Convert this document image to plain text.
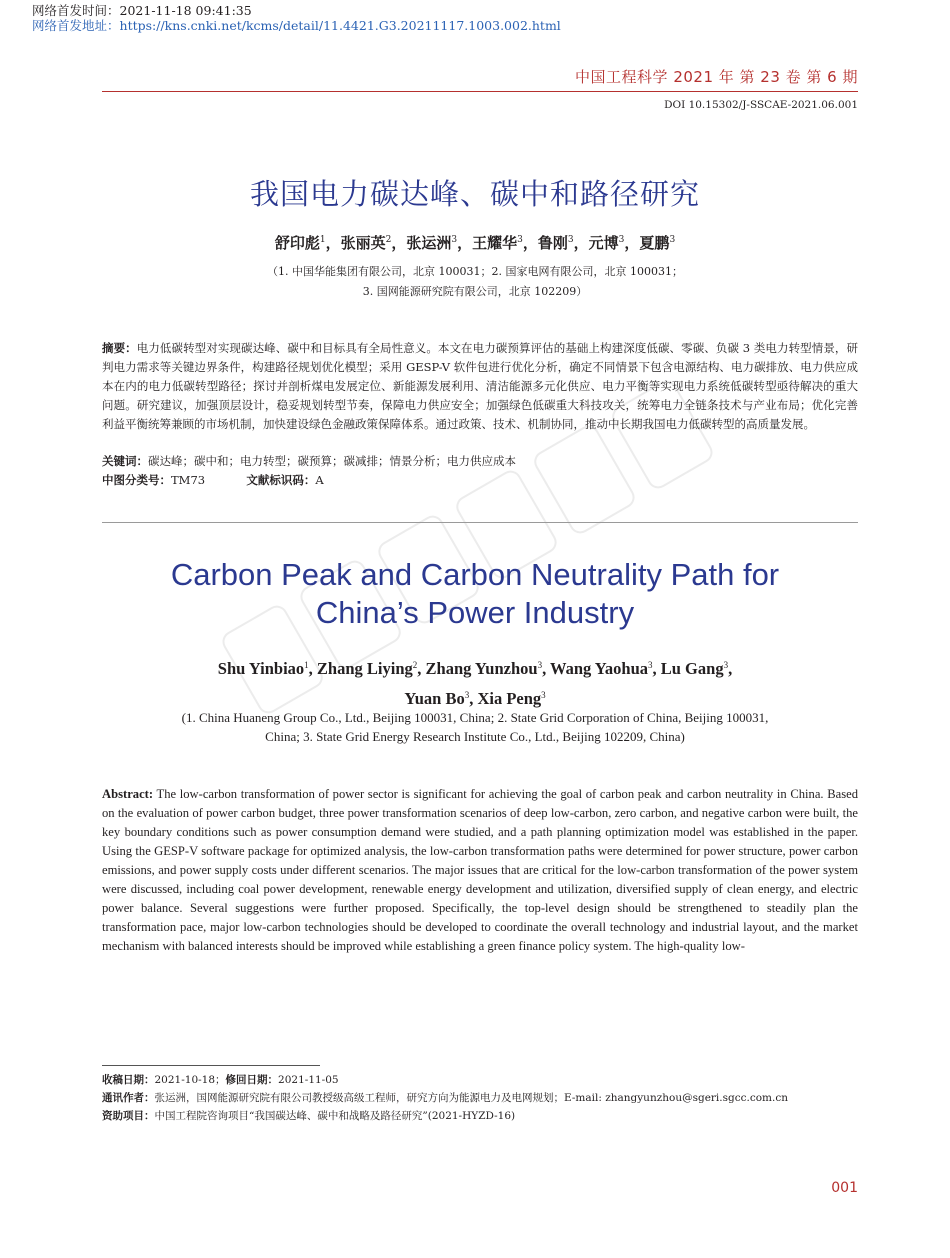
网络首发时间：2021-11-18 09:41:35
网络首发地址：https://kns.cnki.net/kcms/detail/11.4421.G3.20211117.1003.002.html
中国工程科学 2021 年 第 23 卷 第 6 期
DOI 10.15302/J-SSCAE-2021.06.001
我国电力碳达峰、碳中和路径研究
舒印彪$^1$，张丽英$^2$，张运洲$^3$，王耀华$^3$，鲁刚$^3$，元博$^3$，夏鹏$^3$
（1. 中国华能集团有限公司，北京 100031；2. 国家电网有限公司，北京 100031；
3. 国网能源研究院有限公司，北京 102209）
摘要：电力低碳转型对实现碳达峰、碳中和目标具有全局性意义。本文在电力碳预算评估的基础上构建深度低碳、零碳、负碳 3 类电力转型情景，研判电力需求等关键边界条件，构建路径规划优化模型；采用 GESP-V 软件包进行优化分析，确定不同情景下包含电源结构、电力碳排放、电力供应成本在内的电力低碳转型路径；探讨并剖析煤电发展定位、新能源发展利用、清洁能源多元化供应、电力平衡等实现电力系统低碳转型亟待解决的重大问题。研究建议，加强顶层设计，稳妥规划转型节奏，保障电力供应安全；加强绿色低碳重大科技攻关，统筹电力全链条技术与产业布局；优化完善利益平衡统筹兼顾的市场机制，加快建设绿色金融政策保障体系。通过政策、技术、机制协同，推动中长期我国电力低碳转型的高质量发展。
关键词：碳达峰；碳中和；电力转型；碳预算；碳减排；情景分析；电力供应成本
中图分类号：TM73	文献标识码：A
Carbon Peak and Carbon Neutrality Path for
China’s Power Industry
Shu Yinbiao$^1$, Zhang Liying$^2$, Zhang Yunzhou$^3$, Wang Yaohua$^3$, Lu Gang$^3$,
Yuan Bo$^3$, Xia Peng$^3$
(1. China Huaneng Group Co., Ltd., Beijing 100031, China; 2. State Grid Corporation of China, Beijing 100031,
China; 3. State Grid Energy Research Institute Co., Ltd., Beijing 102209, China)
Abstract: The low-carbon transformation of power sector is significant for achieving the goal of carbon peak and carbon neutrality in China. Based on the evaluation of power carbon budget, three power transformation scenarios of deep low-carbon, zero carbon, and negative carbon were built, the key boundary conditions such as power consumption demand were studied, and a path planning optimization model was established in the paper. Using the GESP-V software package for optimized analysis, the low-carbon transformation paths were determined for power structure, power carbon emissions, and power supply costs under different scenarios. The major issues that are critical for the low-carbon transformation of the power system were discussed, including coal power development, renewable energy development and utilization, diversified supply of clean energy, and electric power balance. Several suggestions were further proposed. Specifically, the top-level design should be strengthened to steadily plan the transformation pace, major low-carbon technologies should be developed to coordinate the overall technology and industrial layout, and the market mechanism with balanced interests should be improved while establishing a green finance policy system. The high-quality low-
收稿日期：2021-10-18；修回日期：2021-11-05
通讯作者：张运洲，国网能源研究院有限公司教授级高级工程师，研究方向为能源电力及电网规划；E-mail: zhangyunzhou@sgeri.sgcc.com.cn
资助项目：中国工程院咨询项目“我国碳达峰、碳中和战略及路径研究”(2021-HYZD-16)
001
